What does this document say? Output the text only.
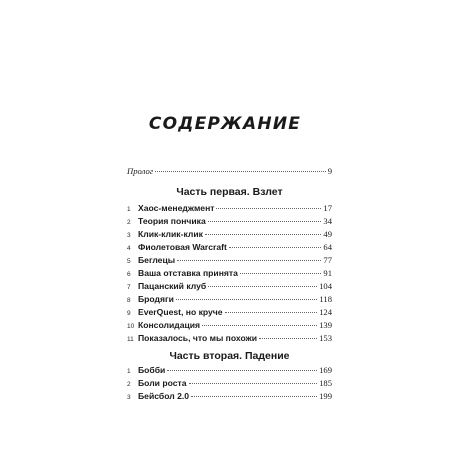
СОДЕРЖАНИЕ
Пролог	9
Часть первая. Взлет
1 Хаос-менеджмент	17
2 Теория пончика	34
3 Клик-клик-клик	49
4 Фиолетовая Warcraft	64
5 Беглецы	77
6 Ваша отставка принята	91
7 Пацанский клуб	104
8 Бродяги	118
9 EverQuest, но круче	124
10 Консолидация	139
11 Показалось, что мы похожи	153
Часть вторая. Падение
1 Бобби	169
2 Боли роста	185
3 Бейсбол 2.0	199
